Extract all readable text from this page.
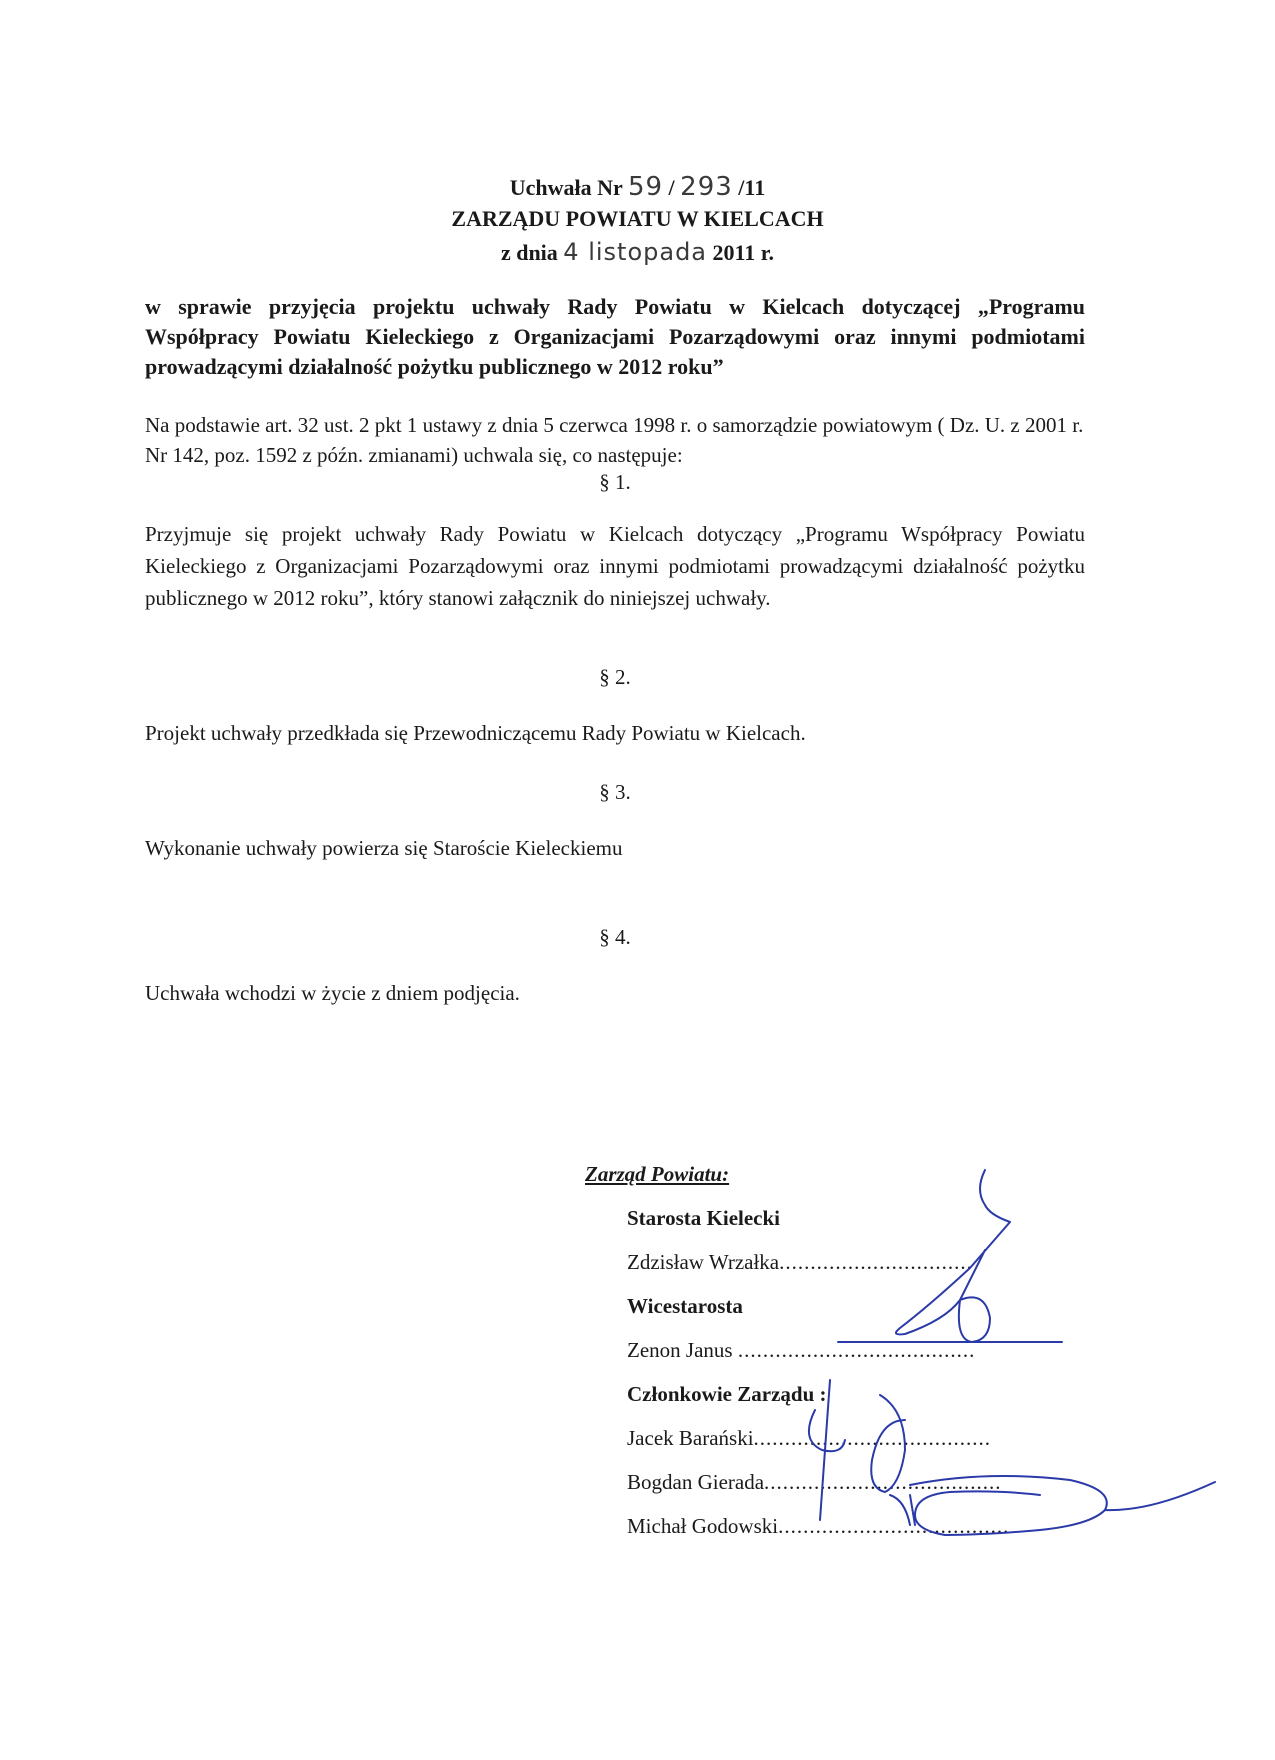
Uchwała Nr 59 / 293 /11
ZARZĄDU POWIATU W KIELCACH
z dnia 4 listopada 2011 r.
w sprawie przyjęcia projektu uchwały Rady Powiatu w Kielcach dotyczącej „Programu Współpracy Powiatu Kieleckiego z Organizacjami Pozarządowymi oraz innymi podmiotami prowadzącymi działalność pożytku publicznego w 2012 roku”
Na podstawie art. 32 ust. 2 pkt 1 ustawy z dnia 5 czerwca 1998 r. o samorządzie powiatowym ( Dz. U. z 2001 r. Nr 142, poz. 1592 z późn. zmianami) uchwala się, co następuje:
§ 1.
Przyjmuje się projekt uchwały Rady Powiatu w Kielcach dotyczący „Programu Współpracy Powiatu Kieleckiego z Organizacjami Pozarządowymi oraz innymi podmiotami prowadzącymi działalność pożytku publicznego w 2012 roku”, który stanowi załącznik do niniejszej uchwały.
§ 2.
Projekt uchwały przedkłada się Przewodniczącemu Rady Powiatu w Kielcach.
§ 3.
Wykonanie uchwały powierza się Staroście Kieleckiemu
§ 4.
Uchwała wchodzi w życie z dniem podjęcia.
Zarząd Powiatu:
Starosta Kielecki
Zdzisław Wrzałka...............................
Wicestarosta
Zenon Janus ......................................
Członkowie Zarządu :
Jacek Barański......................................
Bogdan Gierada......................................
Michał Godowski.....................................
